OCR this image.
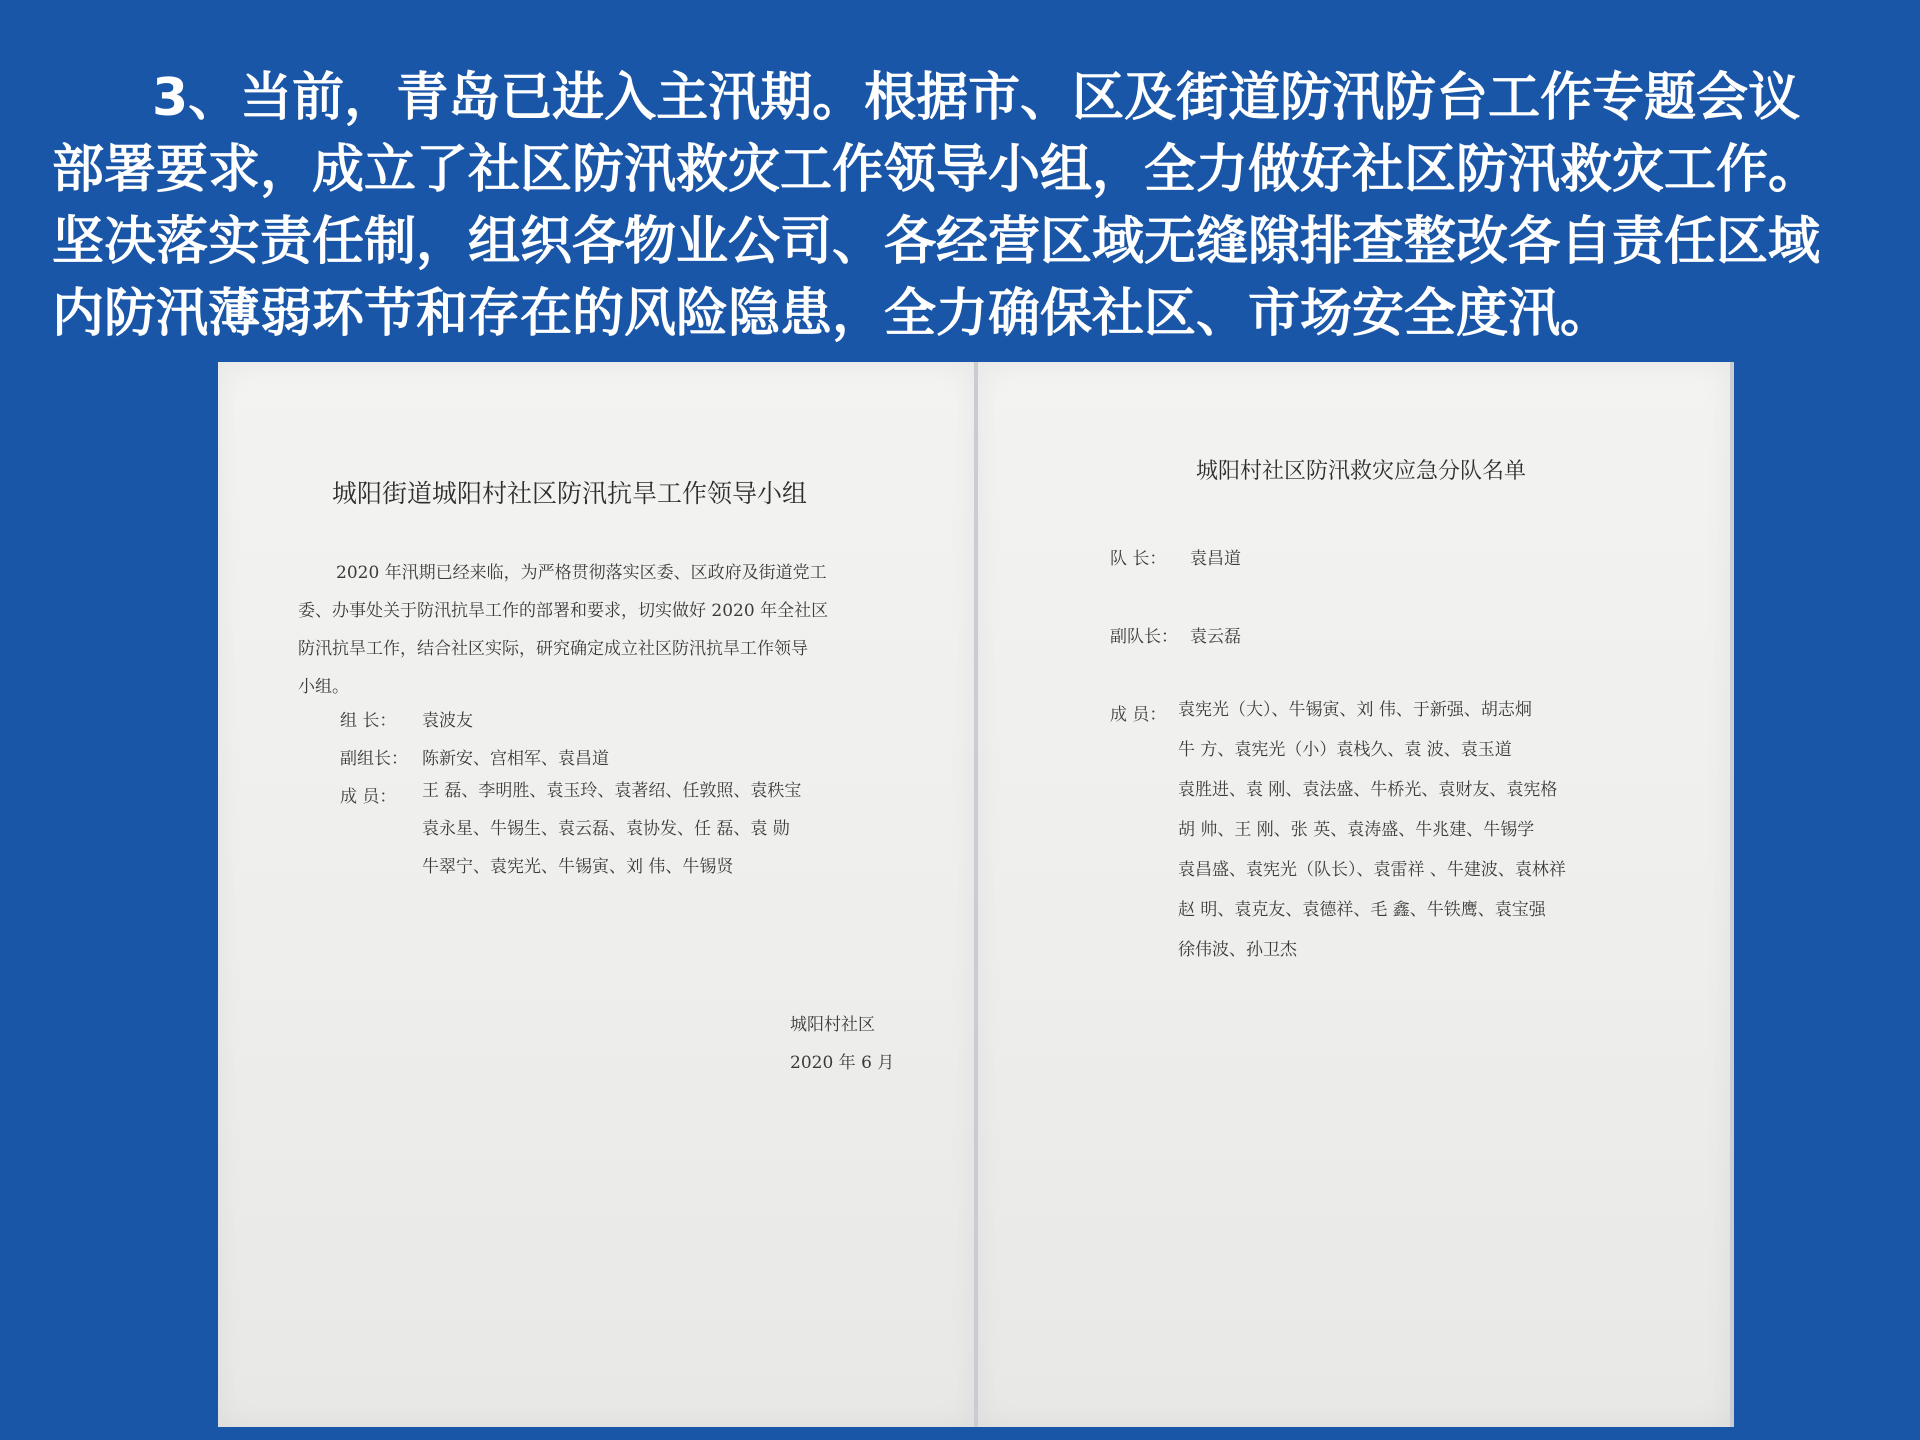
3、当前，青岛已进入主汛期。根据市、区及街道防汛防台工作专题会议
部署要求，成立了社区防汛救灾工作领导小组，全力做好社区防汛救灾工作。
坚决落实责任制，组织各物业公司、各经营区域无缝隙排查整改各自责任区域
内防汛薄弱环节和存在的风险隐患，全力确保社区、市场安全度汛。
城阳街道城阳村社区防汛抗旱工作领导小组
2020 年汛期已经来临，为严格贯彻落实区委、区政府及街道党工
委、办事处关于防汛抗旱工作的部署和要求，切实做好 2020 年全社区
防汛抗旱工作，结合社区实际，研究确定成立社区防汛抗旱工作领导
小组。
组 长： 袁波友
副组长： 陈新安、宫相军、袁昌道
成 员： 王 磊、李明胜、袁玉玲、袁著绍、任敦照、袁秩宝
袁永星、牛锡生、袁云磊、袁协发、任 磊、袁 勋
牛翠宁、袁宪光、牛锡寅、刘 伟、牛锡贤
城阳村社区
2020 年 6 月
城阳村社区防汛救灾应急分队名单
队 长： 袁昌道
副队长： 袁云磊
成 员： 袁宪光（大）、牛锡寅、刘 伟、于新强、胡志炯
牛 方、袁宪光（小）袁栈久、袁 波、袁玉道
袁胜进、袁 刚、袁法盛、牛桥光、袁财友、袁宪格
胡 帅、王 刚、张 英、袁涛盛、牛兆建、牛锡学
袁昌盛、袁宪光（队长）、袁雷祥 、牛建波、袁林祥
赵 明、袁克友、袁德祥、毛 鑫、牛铁鹰、袁宝强
徐伟波、孙卫杰
